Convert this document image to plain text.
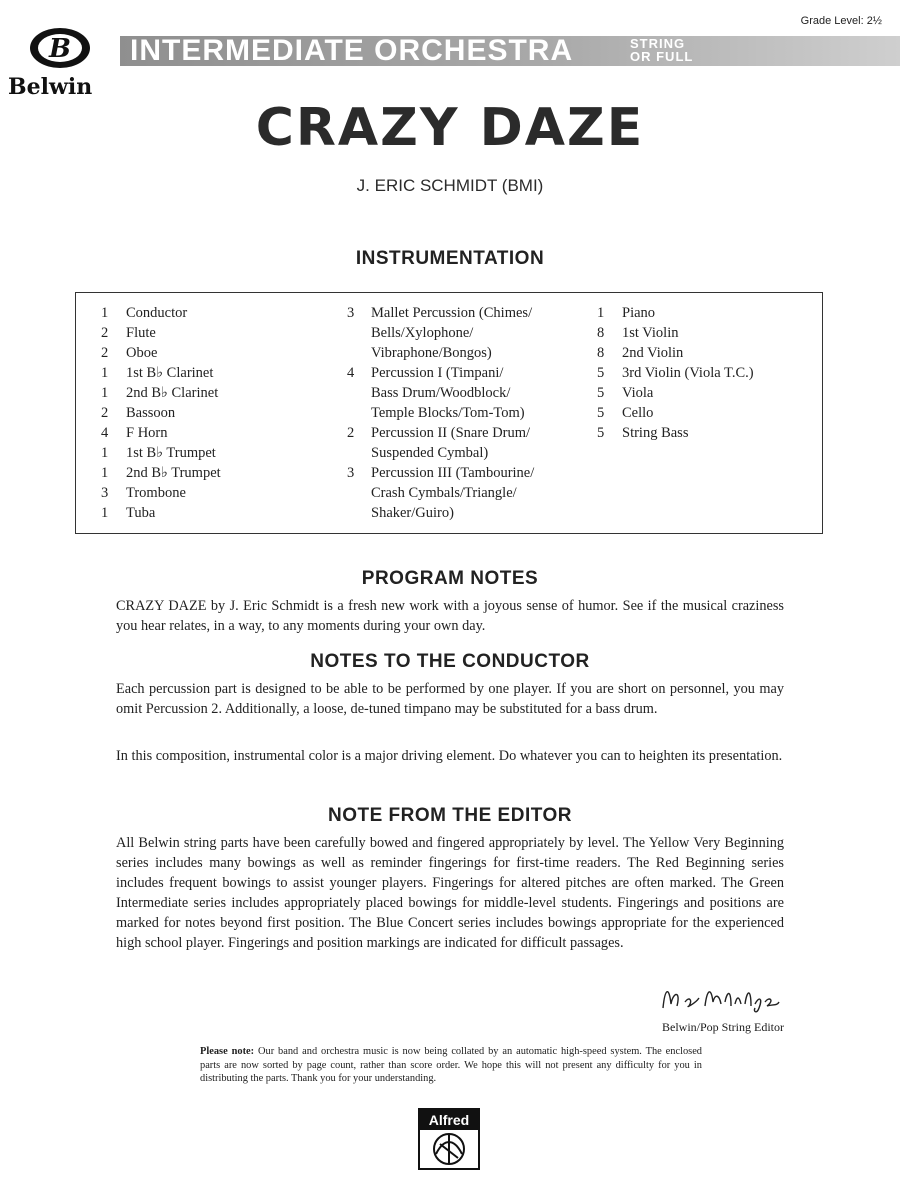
Grade Level: 2½
INTERMEDIATE ORCHESTRA	STRING
OR FULL
B
Belwin
CRAZY DAZE
J. ERIC SCHMIDT (BMI)
INSTRUMENTATION
1	Conductor
2	Flute
2	Oboe
1	1st B♭ Clarinet
1	2nd B♭ Clarinet
2	Bassoon
4	F Horn
1	1st B♭ Trumpet
1	2nd B♭ Trumpet
3	Trombone
1	Tuba
3	Mallet Percussion (Chimes/
Bells/Xylophone/
Vibraphone/Bongos)
4	Percussion I (Timpani/
Bass Drum/Woodblock/
Temple Blocks/Tom-Tom)
2	Percussion II (Snare Drum/
Suspended Cymbal)
3	Percussion III (Tambourine/
Crash Cymbals/Triangle/
Shaker/Guiro)
1	Piano
8	1st Violin
8	2nd Violin
5	3rd Violin (Viola T.C.)
5	Viola
5	Cello
5	String Bass
PROGRAM NOTES
CRAZY DAZE by J. Eric Schmidt is a fresh new work with a joyous sense of humor. See if the musical craziness you hear relates, in a way, to any moments during your own day.
NOTES TO THE CONDUCTOR
Each percussion part is designed to be able to be performed by one player. If you are short on personnel, you may omit Percussion 2. Additionally, a loose, de-tuned timpano may be substituted for a bass drum.
In this composition, instrumental color is a major driving element. Do whatever you can to heighten its presentation.
NOTE FROM THE EDITOR
All Belwin string parts have been carefully bowed and fingered appropriately by level. The Yellow Very Beginning series includes many bowings as well as reminder fingerings for first-time readers. The Red Beginning series includes frequent bowings to assist younger players. Fingerings for altered pitches are often marked. The Green Intermediate series includes appropriately placed bowings for middle-level students. Fingerings and positions are marked for notes beyond first position. The Blue Concert series includes bowings appropriate for the experienced high school player. Fingerings and position markings are indicated for difficult passages.
Belwin/Pop String Editor
Please note: Our band and orchestra music is now being collated by an automatic high-speed system. The enclosed parts are now sorted by page count, rather than score order. We hope this will not present any difficulty for you in distributing the parts. Thank you for your understanding.
Alfred
